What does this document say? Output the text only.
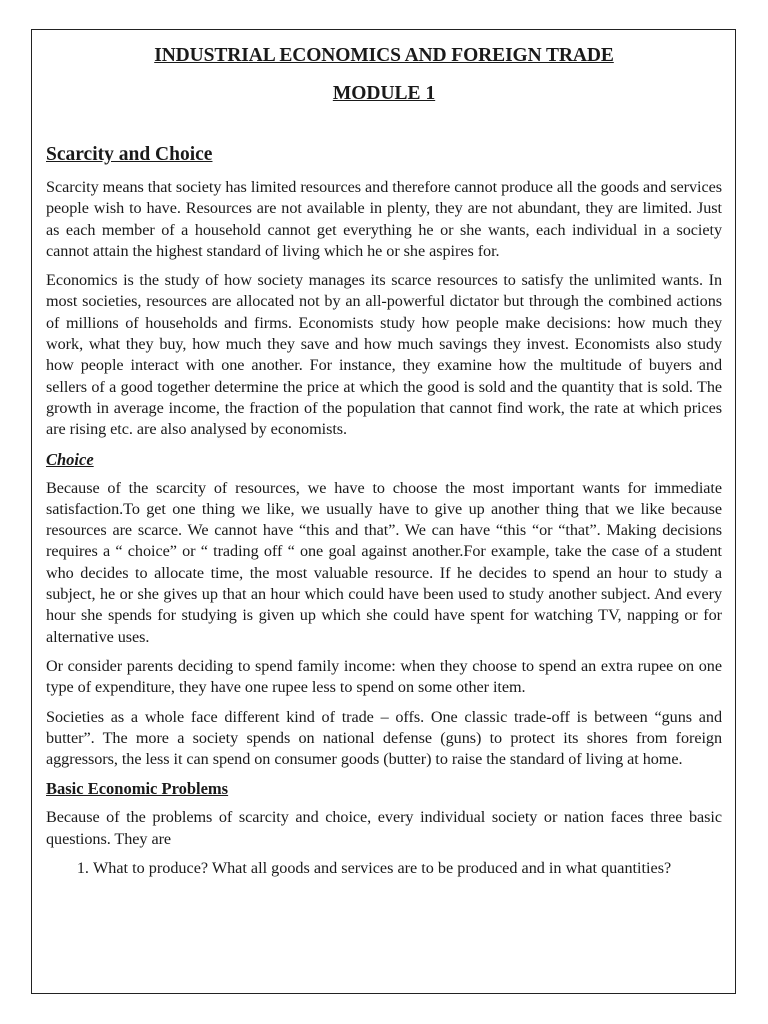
INDUSTRIAL ECONOMICS AND FOREIGN TRADE
MODULE 1
Scarcity and Choice

Scarcity means that society has limited resources and therefore cannot produce all the goods and services people wish to have. Resources are not available in plenty, they are not abundant, they are limited. Just as each member of a household cannot get everything he or she wants, each individual in a society cannot attain the highest standard of living which he or she aspires for.

Economics is the study of how society manages its scarce resources to satisfy the unlimited wants. In most societies, resources are allocated not by an all-powerful dictator but through the combined actions of millions of households and firms. Economists study how people make decisions: how much they work, what they buy, how much they save and how much savings they invest. Economists also study how people interact with one another. For instance, they examine how the multitude of buyers and sellers of a good together determine the price at which the good is sold and the quantity that is sold. The growth in average income, the fraction of the population that cannot find work, the rate at which prices are rising etc. are also analysed by economists.

Choice

Because of the scarcity of resources, we have to choose the most important wants for immediate satisfaction.To get one thing we like, we usually have to give up another thing that we like because resources are scarce. We cannot have “this and that”. We can have “this “or “that”. Making decisions requires a “ choice” or “ trading off “ one goal against another.For example, take the case of a student who decides to allocate time, the most valuable resource. If he decides to spend an hour to study a subject, he or she gives up that an hour which could have been used to study another subject. And every hour she spends for studying is given up which she could have spent for watching TV, napping or for alternative uses.

Or consider parents deciding to spend family income: when they choose to spend an extra rupee on one type of expenditure, they have one rupee less to spend on some other item.

Societies as a whole face different kind of trade – offs. One classic trade-off is between “guns and butter”. The more a society spends on national defense (guns) to protect its shores from foreign aggressors, the less it can spend on consumer goods (butter) to raise the standard of living at home.

Basic Economic Problems

Because of the problems of scarcity and choice, every individual society or nation faces three basic questions. They are

1. What to produce? What all goods and services are to be produced and in what quantities?
